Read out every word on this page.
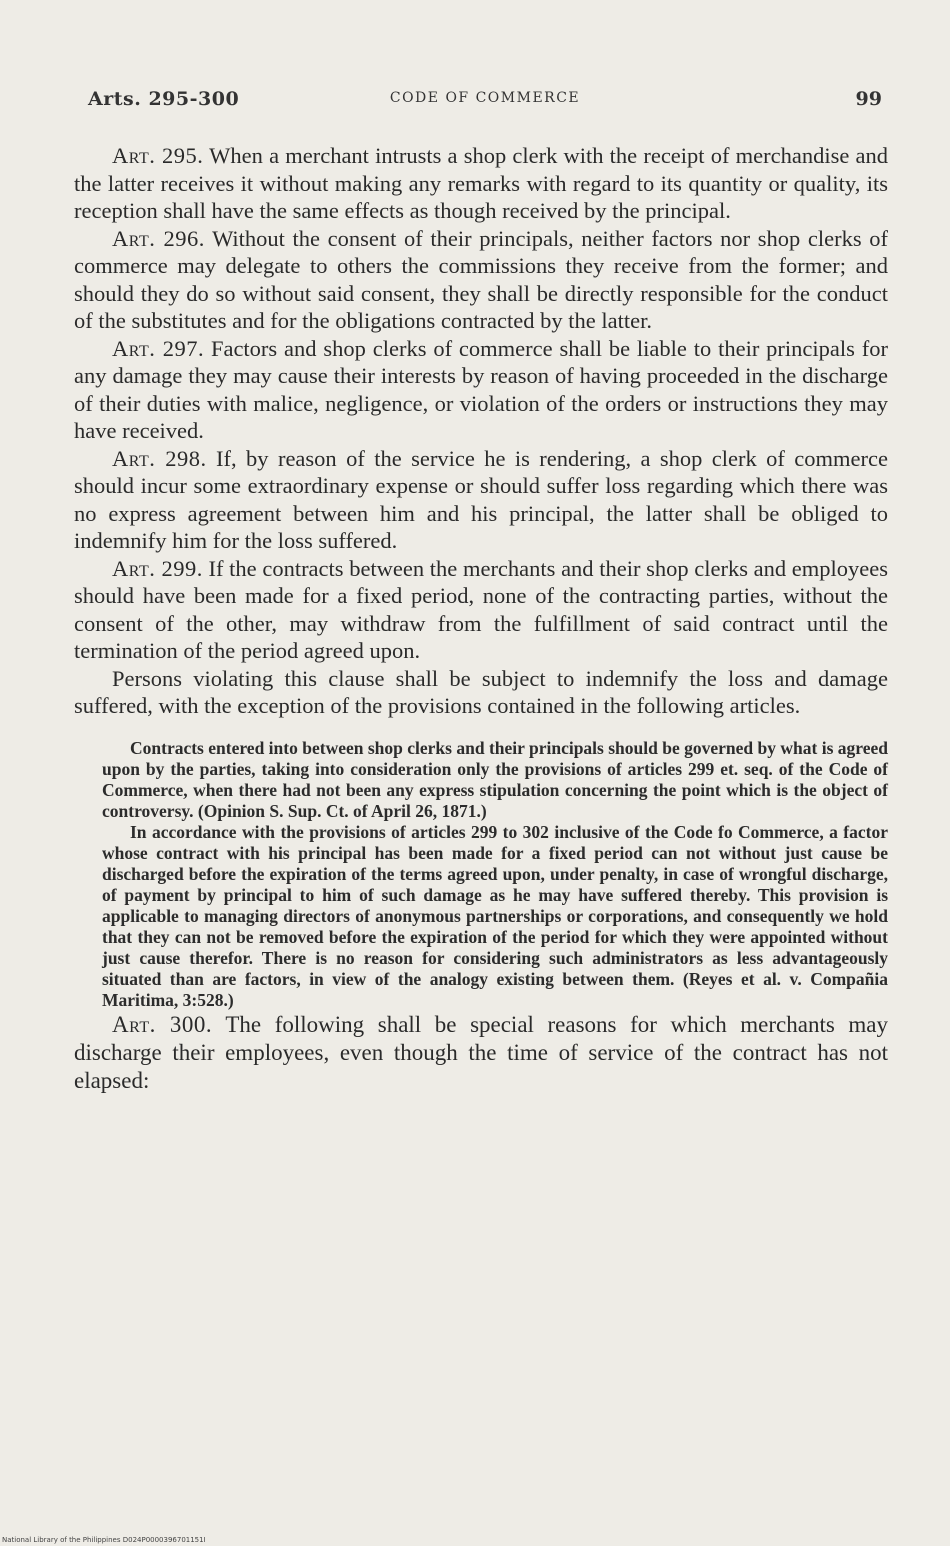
Arts. 295-300	CODE OF COMMERCE	99

Art. 295. When a merchant intrusts a shop clerk with the receipt of merchandise and the latter receives it without making any remarks with regard to its quantity or quality, its reception shall have the same effects as though received by the principal.

Art. 296. Without the consent of their principals, neither factors nor shop clerks of commerce may delegate to others the commissions they receive from the former; and should they do so without said consent, they shall be directly responsible for the conduct of the substitutes and for the obligations contracted by the latter.

Art. 297. Factors and shop clerks of commerce shall be liable to their principals for any damage they may cause their interests by reason of having proceeded in the discharge of their duties with malice, negligence, or violation of the orders or instructions they may have received.

Art. 298. If, by reason of the service he is rendering, a shop clerk of commerce should incur some extraordinary expense or should suffer loss regarding which there was no express agreement between him and his principal, the latter shall be obliged to indemnify him for the loss suffered.

Art. 299. If the contracts between the merchants and their shop clerks and employees should have been made for a fixed period, none of the contracting parties, without the consent of the other, may withdraw from the fulfillment of said contract until the termination of the period agreed upon.

Persons violating this clause shall be subject to indemnify the loss and damage suffered, with the exception of the provisions contained in the following articles.

Contracts entered into between shop clerks and their principals should be governed by what is agreed upon by the parties, taking into consideration only the provisions of articles 299 et. seq. of the Code of Commerce, when there had not been any express stipulation concerning the point which is the object of controversy. (Opinion S. Sup. Ct. of April 26, 1871.)

In accordance with the provisions of articles 299 to 302 inclusive of the Code fo Commerce, a factor whose contract with his principal has been made for a fixed period can not without just cause be discharged before the expiration of the terms agreed upon, under penalty, in case of wrongful discharge, of payment by principal to him of such damage as he may have suffered thereby. This provision is applicable to managing directors of anonymous partnerships or corporations, and consequently we hold that they can not be removed before the expiration of the period for which they were appointed without just cause therefor. There is no reason for considering such administrators as less advantageously situated than are factors, in view of the analogy existing between them. (Reyes et al. v. Compañia Maritima, 3:528.)

Art. 300. The following shall be special reasons for which merchants may discharge their employees, even though the time of service of the contract has not elapsed:

National Library of the Philippines D024P0000396701151I
